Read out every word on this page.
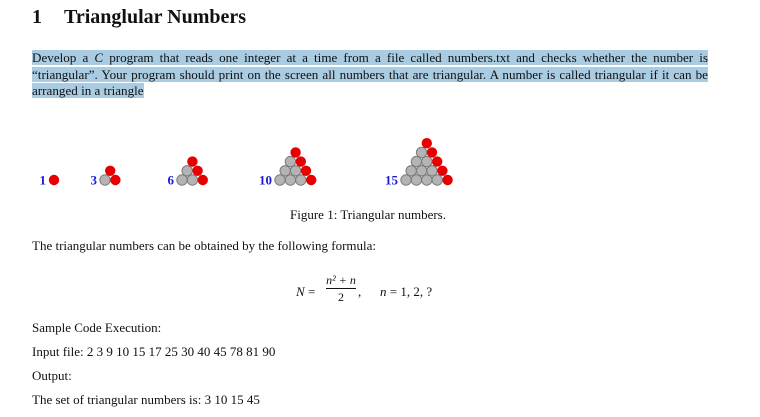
1 Trianglular Numbers
Develop a C program that reads one integer at a time from a file called numbers.txt and checks whether the number is “triangular”. Your program should print on the screen all numbers that are triangular. A number is called triangular if it can be arranged in a triangle
1	3	6	10	15
Figure 1: Triangular numbers.
The triangular numbers can be obtained by the following formula:
N =
n² + n
2	, n = 1, 2, ?
Sample Code Execution:
Input file: 2 3 9 10 15 17 25 30 40 45 78 81 90
Output:
The set of triangular numbers is: 3 10 15 45
